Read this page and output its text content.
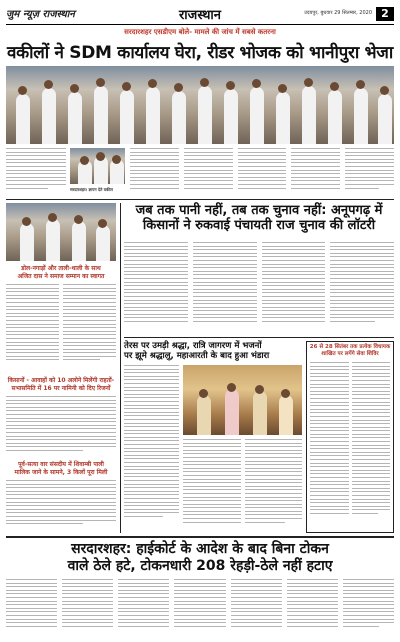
जुम न्यूज़ राजस्थान	राजस्थान	उदयपुर, बुधवार 29 सितम्बर, 2020 2
सरदारशहर एसडीएम बोले- मामले की जांच में सबसे कतरना
वकीलों ने SDM कार्यालय घेरा, रीडर भोजक को भानीपुरा भेजा
सरदारशहर। ज्ञापन देते वकील
डोल-नगाड़ों और ताली-थाली के साथ
अजित दास ने समाज सम्मान का स्वागत
किसानों - आवाहों को 10 अलोने मिलेंगी राहतों-
सभासमिति में 16 पर नामिनी को दिए रिजनों
पूर्व-सत्या वार संसदीय में शिवाम्बी पाली
मालिक जाने के सामने, 3 किलों पूरा मिली
जब तक पानी नहीं, तब तक चुनाव नहीं: अनूपगढ़ में
किसानों ने रुकवाई पंचायती राज चुनाव की लॉटरी
तेरस पर उमड़ी श्रद्धा, रात्रि जागरण में भजनों
पर झूमे श्रद्धालु, महाआरती के बाद हुआ भंडारा
26 से 28 सितंबर तक प्रत्येक विधायक
शाखित पर लगेंगे सेवा शिविर
सरदारशहर: हाईकोर्ट के आदेश के बाद बिना टोकन
वाले ठेले हटे, टोकनधारी 208 रेहड़ी-ठेले नहीं हटाए
